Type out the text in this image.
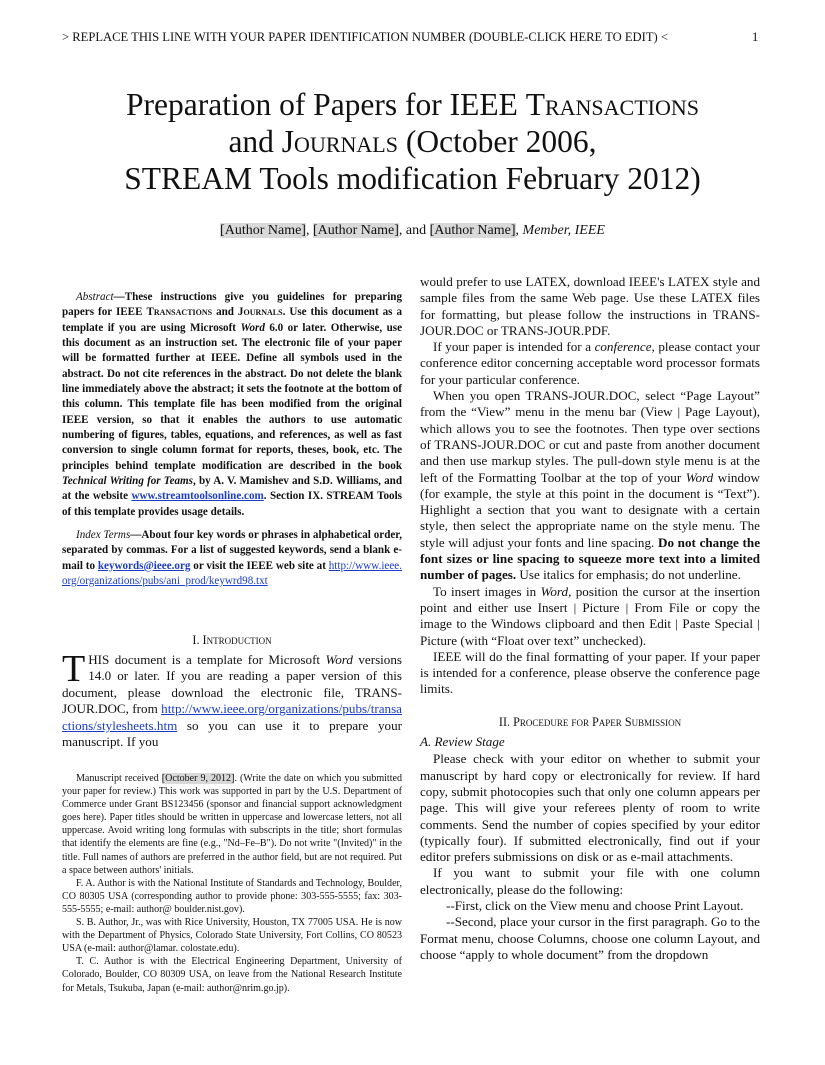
> REPLACE THIS LINE WITH YOUR PAPER IDENTIFICATION NUMBER (DOUBLE-CLICK HERE TO EDIT) <	1
Preparation of Papers for IEEE Transactions
and Journals (October 2006,
STREAM Tools modification February 2012)
[Author Name], [Author Name], and [Author Name], Member, IEEE

Abstract—These instructions give you guidelines for preparing papers for IEEE Transactions and Journals. Use this document as a template if you are using Microsoft Word 6.0 or later. Otherwise, use this document as an instruction set. The electronic file of your paper will be formatted further at IEEE. Define all symbols used in the abstract. Do not cite references in the abstract. Do not delete the blank line immediately above the abstract; it sets the footnote at the bottom of this column. This template file has been modified from the original IEEE version, so that it enables the authors to use automatic numbering of figures, tables, equations, and references, as well as fast conversion to single column format for reports, theses, book, etc. The principles behind template modification are described in the book Technical Writing for Teams, by A. V. Mamishev and S.D. Williams, and at the website www.streamtoolsonline.com. Section IX. STREAM Tools of this template provides usage details.

Index Terms—About four key words or phrases in alphabetical order, separated by commas. For a list of suggested keywords, send a blank e-mail to keywords@ieee.org or visit the IEEE web site at http://www.ieee.org/organizations/pubs/ani_prod/keywrd98.txt

I. Introduction

THIS document is a template for Microsoft Word versions 14.0 or later. If you are reading a paper version of this document, please download the electronic file, TRANS-JOUR.DOC, from http://www.ieee.org/organizations/pubs/transactions/stylesheets.htm so you can use it to prepare your manuscript. If you

Manuscript received [October 9, 2012]. (Write the date on which you submitted your paper for review.) This work was supported in part by the U.S. Department of Commerce under Grant BS123456 (sponsor and financial support acknowledgment goes here). Paper titles should be written in uppercase and lowercase letters, not all uppercase. Avoid writing long formulas with subscripts in the title; short formulas that identify the elements are fine (e.g., "Nd–Fe–B"). Do not write "(Invited)" in the title. Full names of authors are preferred in the author field, but are not required. Put a space between authors' initials.

F. A. Author is with the National Institute of Standards and Technology, Boulder, CO 80305 USA (corresponding author to provide phone: 303-555-5555; fax: 303-555-5555; e-mail: author@ boulder.nist.gov).

S. B. Author, Jr., was with Rice University, Houston, TX 77005 USA. He is now with the Department of Physics, Colorado State University, Fort Collins, CO 80523 USA (e-mail: author@lamar. colostate.edu).

T. C. Author is with the Electrical Engineering Department, University of Colorado, Boulder, CO 80309 USA, on leave from the National Research Institute for Metals, Tsukuba, Japan (e-mail: author@nrim.go.jp).

would prefer to use LATEX, download IEEE's LATEX style and sample files from the same Web page. Use these LATEX files for formatting, but please follow the instructions in TRANS-JOUR.DOC or TRANS-JOUR.PDF.

If your paper is intended for a conference, please contact your conference editor concerning acceptable word processor formats for your particular conference.

When you open TRANS-JOUR.DOC, select “Page Layout” from the “View” menu in the menu bar (View | Page Layout), which allows you to see the footnotes. Then type over sections of TRANS-JOUR.DOC or cut and paste from another document and then use markup styles. The pull-down style menu is at the left of the Formatting Toolbar at the top of your Word window (for example, the style at this point in the document is “Text”). Highlight a section that you want to designate with a certain style, then select the appropriate name on the style menu. The style will adjust your fonts and line spacing. Do not change the font sizes or line spacing to squeeze more text into a limited number of pages. Use italics for emphasis; do not underline.

To insert images in Word, position the cursor at the insertion point and either use Insert | Picture | From File or copy the image to the Windows clipboard and then Edit | Paste Special | Picture (with “Float over text” unchecked).

IEEE will do the final formatting of your paper. If your paper is intended for a conference, please observe the conference page limits.

II. Procedure for Paper Submission

A. Review Stage

Please check with your editor on whether to submit your manuscript by hard copy or electronically for review. If hard copy, submit photocopies such that only one column appears per page. This will give your referees plenty of room to write comments. Send the number of copies specified by your editor (typically four). If submitted electronically, find out if your editor prefers submissions on disk or as e-mail attachments.

If you want to submit your file with one column electronically, please do the following:

--First, click on the View menu and choose Print Layout.

--Second, place your cursor in the first paragraph. Go to the Format menu, choose Columns, choose one column Layout, and choose “apply to whole document” from the dropdown
